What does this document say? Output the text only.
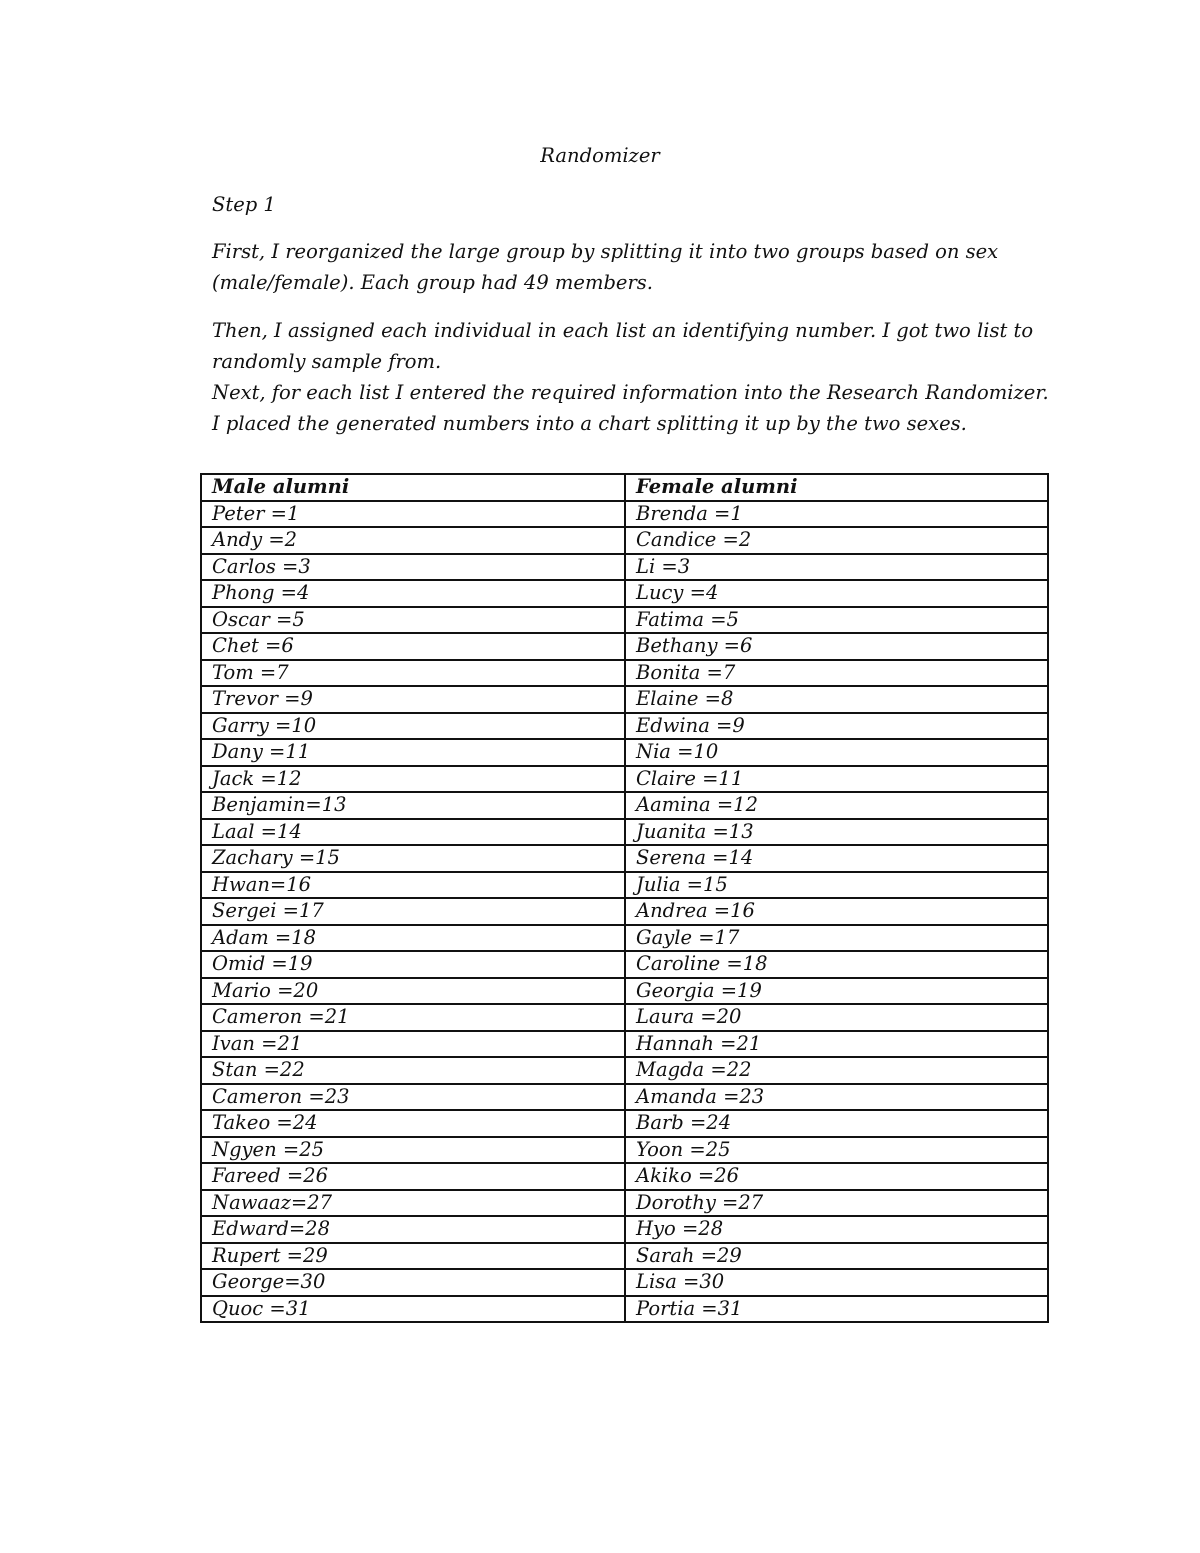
Randomizer

Step 1

First, I reorganized the large group by splitting it into two groups based on sex
(male/female). Each group had 49 members.
Then, I assigned each individual in each list an identifying number. I got two list to
randomly sample from.
Next, for each list I entered the required information into the Research Randomizer.
I placed the generated numbers into a chart splitting it up by the two sexes.
Male alumni	Female alumni
Peter =1	Brenda =1
Andy =2	Candice =2
Carlos =3	Li =3
Phong =4	Lucy =4
Oscar =5	Fatima =5
Chet =6	Bethany =6
Tom =7	Bonita =7
Trevor =9	Elaine =8
Garry =10	Edwina =9
Dany =11	Nia =10
Jack =12	Claire =11
Benjamin=13	Aamina =12
Laal =14	Juanita =13
Zachary =15	Serena =14
Hwan=16	Julia =15
Sergei =17	Andrea =16
Adam =18	Gayle =17
Omid =19	Caroline =18
Mario =20	Georgia =19
Cameron =21	Laura =20
Ivan =21	Hannah =21
Stan =22	Magda =22
Cameron =23	Amanda =23
Takeo =24	Barb =24
Ngyen =25	Yoon =25
Fareed =26	Akiko =26
Nawaaz=27	Dorothy =27
Edward=28	Hyo =28
Rupert =29	Sarah =29
George=30	Lisa =30
Quoc =31	Portia =31
